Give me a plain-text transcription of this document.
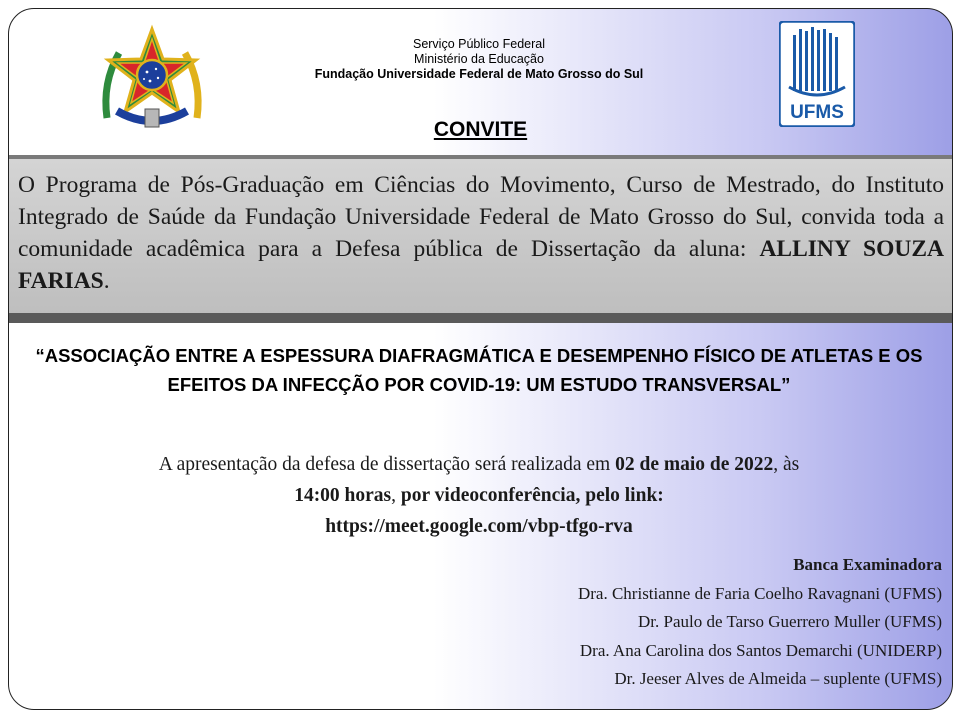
Serviço Público Federal
Ministério da Educação
Fundação Universidade Federal de Mato Grosso do Sul
UFMS
CONVITE
O Programa de Pós-Graduação em Ciências do Movimento, Curso de Mestrado, do Instituto Integrado de Saúde da Fundação Universidade Federal de Mato Grosso do Sul, convida toda a comunidade acadêmica para a Defesa pública de Dissertação da aluna: ALLINY SOUZA FARIAS.
“ASSOCIAÇÃO ENTRE A ESPESSURA DIAFRAGMÁTICA E DESEMPENHO FÍSICO DE ATLETAS E OS EFEITOS DA INFECÇÃO POR COVID-19: UM ESTUDO TRANSVERSAL”
A apresentação da defesa de dissertação será realizada em 02 de maio de 2022, às
14:00 horas, por videoconferência, pelo link:
https://meet.google.com/vbp-tfgo-rva
Banca Examinadora
Dra. Christianne de Faria Coelho Ravagnani (UFMS)
Dr. Paulo de Tarso Guerrero Muller (UFMS)
Dra. Ana Carolina dos Santos Demarchi (UNIDERP)
Dr. Jeeser Alves de Almeida – suplente (UFMS)
